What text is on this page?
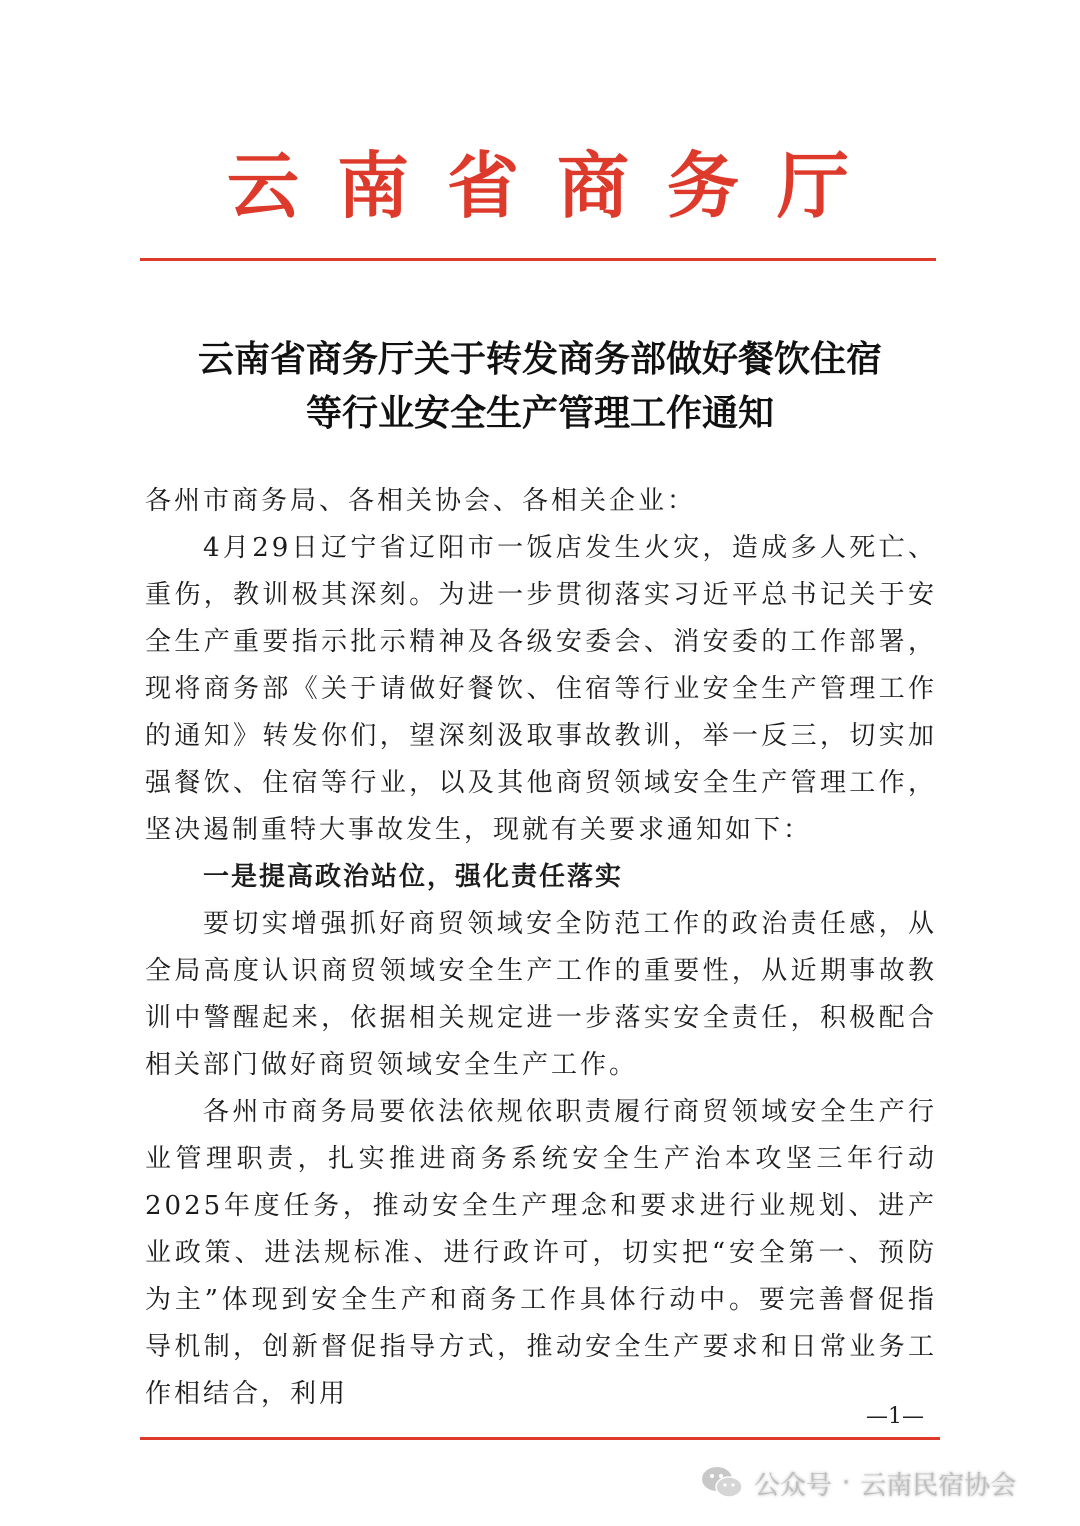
云南省商务厅
云南省商务厅关于转发商务部做好餐饮住宿
等行业安全生产管理工作通知

各州市商务局、各相关协会、各相关企业：

4月29日辽宁省辽阳市一饭店发生火灾，造成多人死亡、重伤，教训极其深刻。为进一步贯彻落实习近平总书记关于安全生产重要指示批示精神及各级安委会、消安委的工作部署，现将商务部《关于请做好餐饮、住宿等行业安全生产管理工作的通知》转发你们，望深刻汲取事故教训，举一反三，切实加强餐饮、住宿等行业，以及其他商贸领域安全生产管理工作，坚决遏制重特大事故发生，现就有关要求通知如下：

一是提高政治站位，强化责任落实

要切实增强抓好商贸领域安全防范工作的政治责任感，从全局高度认识商贸领域安全生产工作的重要性，从近期事故教训中警醒起来，依据相关规定进一步落实安全责任，积极配合相关部门做好商贸领域安全生产工作。

各州市商务局要依法依规依职责履行商贸领域安全生产行业管理职责，扎实推进商务系统安全生产治本攻坚三年行动2025年度任务，推动安全生产理念和要求进行业规划、进产业政策、进法规标准、进行政许可，切实把“安全第一、预防为主”体现到安全生产和商务工作具体行动中。要完善督促指导机制，创新督促指导方式，推动安全生产要求和日常业务工作相结合，利用

—1—
公众号 · 云南民宿协会
